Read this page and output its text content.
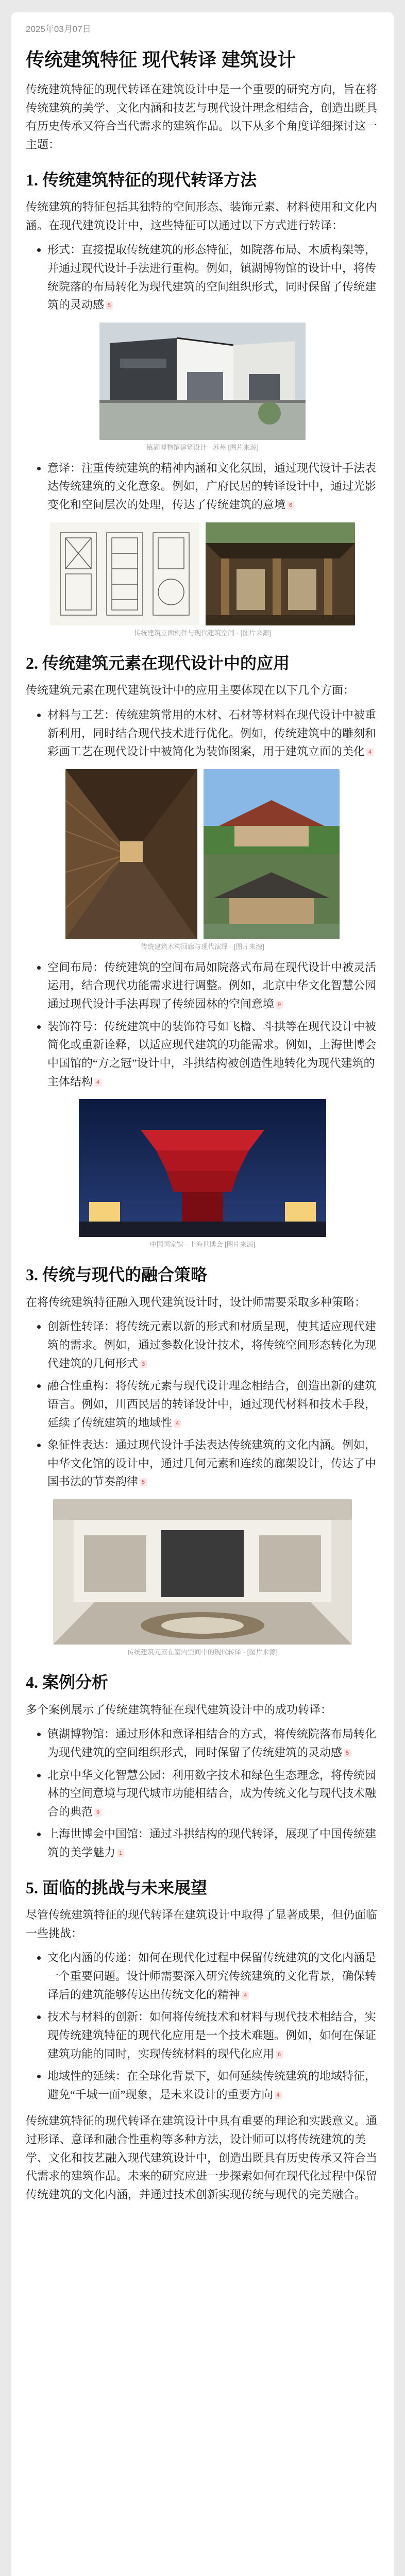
2025年03月07日
传统建筑特征 现代转译 建筑设计

传统建筑特征的现代转译在建筑设计中是一个重要的研究方向，旨在将传统建筑的美学、文化内涵和技艺与现代设计理念相结合，创造出既具有历史传承又符合当代需求的建筑作品。以下从多个角度详细探讨这一主题：

1. 传统建筑特征的现代转译方法

传统建筑的特征包括其独特的空间形态、装饰元素、材料使用和文化内涵。在现代建筑设计中，这些特征可以通过以下方式进行转译：

• 形式：直接提取传统建筑的形态特征，如院落布局、木质构架等，并通过现代设计手法进行重构。例如，镇湖博物馆的设计中，将传统院落的布局转化为现代建筑的空间组织形式，同时保留了传统建筑的灵动感 5
镇湖博物馆建筑设计 · 苏州 [图片来源]
• 意译：注重传统建筑的精神内涵和文化氛围，通过现代设计手法表达传统建筑的文化意象。例如，广府民居的转译设计中，通过光影变化和空间层次的处理，传达了传统建筑的意境 6
传统建筑立面构件与现代建筑空间 · [图片来源]
2. 传统建筑元素在现代设计中的应用

传统建筑元素在现代建筑设计中的应用主要体现在以下几个方面：

• 材料与工艺：传统建筑常用的木材、石材等材料在现代设计中被重新利用，同时结合现代技术进行优化。例如，传统建筑中的雕刻和彩画工艺在现代设计中被简化为装饰图案，用于建筑立面的美化 4
传统建筑木构回廊与现代演绎 · [图片来源]
• 空间布局：传统建筑的空间布局如院落式布局在现代设计中被灵活运用，结合现代功能需求进行调整。例如，北京中华文化智慧公园通过现代设计手法再现了传统园林的空间意境 9
• 装饰符号：传统建筑中的装饰符号如飞檐、斗拱等在现代设计中被简化或重新诠释，以适应现代建筑的功能需求。例如，上海世博会中国馆的“方之冠”设计中，斗拱结构被创造性地转化为现代建筑的主体结构 4
中国国家馆 · 上海世博会 [图片来源]
3. 传统与现代的融合策略

在将传统建筑特征融入现代建筑设计时，设计师需要采取多种策略：

• 创新性转译：将传统元素以新的形式和材质呈现，使其适应现代建筑的需求。例如，通过参数化设计技术，将传统空间形态转化为现代建筑的几何形式 3
• 融合性重构：将传统元素与现代设计理念相结合，创造出新的建筑语言。例如，川西民居的转译设计中，通过现代材料和技术手段，延续了传统建筑的地域性 4
• 象征性表达：通过现代设计手法表达传统建筑的文化内涵。例如，中华文化馆的设计中，通过几何元素和连续的廊架设计，传达了中国书法的节奏韵律 5
传统建筑元素在室内空间中的现代转译 · [图片来源]
4. 案例分析

多个案例展示了传统建筑特征在现代建筑设计中的成功转译：

• 镇湖博物馆：通过形体和意译相结合的方式，将传统院落布局转化为现代建筑的空间组织形式，同时保留了传统建筑的灵动感 5
• 北京中华文化智慧公园：利用数字技术和绿色生态理念，将传统园林的空间意境与现代城市功能相结合，成为传统文化与现代技术融合的典范 9
• 上海世博会中国馆：通过斗拱结构的现代转译，展现了中国传统建筑的美学魅力 1
5. 面临的挑战与未来展望

尽管传统建筑特征的现代转译在建筑设计中取得了显著成果，但仍面临一些挑战：

• 文化内涵的传递：如何在现代化过程中保留传统建筑的文化内涵是一个重要问题。设计师需要深入研究传统建筑的文化背景，确保转译后的建筑能够传达出传统文化的精神 4
• 技术与材料的创新：如何将传统技术和材料与现代技术相结合，实现传统建筑特征的现代化应用是一个技术难题。例如，如何在保证建筑功能的同时，实现传统材料的现代化应用 6
• 地域性的延续：在全球化背景下，如何延续传统建筑的地域特征，避免“千城一面”现象，是未来设计的重要方向 4

传统建筑特征的现代转译在建筑设计中具有重要的理论和实践意义。通过形译、意译和融合性重构等多种方法，设计师可以将传统建筑的美学、文化和技艺融入现代建筑设计中，创造出既具有历史传承又符合当代需求的建筑作品。未来的研究应进一步探索如何在现代化过程中保留传统建筑的文化内涵，并通过技术创新实现传统与现代的完美融合。
